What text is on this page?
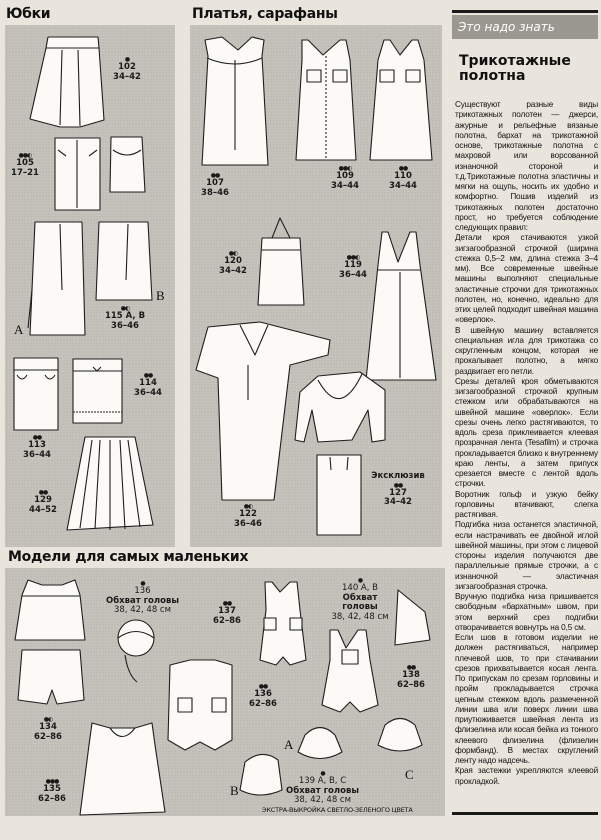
Юбки	Платья, сарафаны
Модели для самых маленьких
●
102
34–42
●●◐
105
17–21
●◐
115 A, B
36–46
●●
114
36–44
●●
113
36–44
●●
129
44–52
A
B
●●
107
38–46
●●◐
109
34–44
●●
110
34–44
●◐
120
34–42
●●◐
119
36–44
●◐
122
36–46
Эксклюзив
●●
127
34–42
●
136
Обхват головы
38, 42, 48 см
●◐
134
62–86
●●●
135
62–86
●●
137
62–86
●●
136
62–86
●
140 A, B
Обхват головы
38, 42, 48 см
●●
138
62–86
●
139 A, B, C
Обхват головы
38, 42, 48 см
A
B
C
ЭКСТРА-ВЫКРОЙКА СВЕТЛО-ЗЕЛЕНОГО ЦВЕТА
Это надо знать
Трикотажные полотна

Существуют разные виды трикотажных полотен — джерси, ажурные и рельефные вязаные полотна, бархат на трикотажной основе, трикотажные полотна с махровой или ворсованной изнаночной стороной и т.д.Трикотажные полотна эластичны и мягки на ощупь, носить их удобно и комфортно. Пошив изделий из трикотажных полотен достаточно прост, но требуется соблюдение следующих правил:

Детали кроя стачиваются узкой зигзагообразной строчкой (ширина стежка 0,5–2 мм, длина стежка 3–4 мм). Все современные швейные машины выполняют специальные эластичные строчки для трикотажных полотен, но, конечно, идеально для этих целей подходит швейная машина «оверлок».

В швейную машину вставляется специальная игла для трикотажа со скругленным концом, которая не прокалывает полотно, а мягко раздвигает его петли.

Срезы деталей кроя обметываются зигзагообразной строчкой крупным стежком или обрабатываются на швейной машине «оверлок». Если срезы очень легко растягиваются, то вдоль среза приклеивается клеевая прозрачная лента (Tesafilm) и строчка прокладывается близко к внутреннему краю ленты, а затем припуск срезается вместе с лентой вдоль строчки.

Воротник гольф и узкую бейку горловины втачивают, слегка растягивая.

Подгибка низа останется эластичной, если настрачивать ее двойной иглой швейной машины, при этом с лицевой стороны изделия получаются две параллельные прямые строчки, а с изнаночной — эластичная зигзагообразная строчка.

Вручную подгибка низа пришивается свободным «бархатным» швом, при этом верхний срез подгибки отворачивается вовнутрь на 0,5 см.

Если шов в готовом изделии не должен растягиваться, например плечевой шов, то при стачивании срезов прихватывается косая лента. По припускам по срезам горловины и пройм прокладывается строчка цепным стежком вдоль размеченной линии шва или поверх линии шва приутюживается швейная лента из флизелина или косая бейка из тонкого клеевого флизелина (флизелин формбанд). В местах скруглений ленту надо надсечь.

Края застежки укрепляются клеевой прокладкой.
